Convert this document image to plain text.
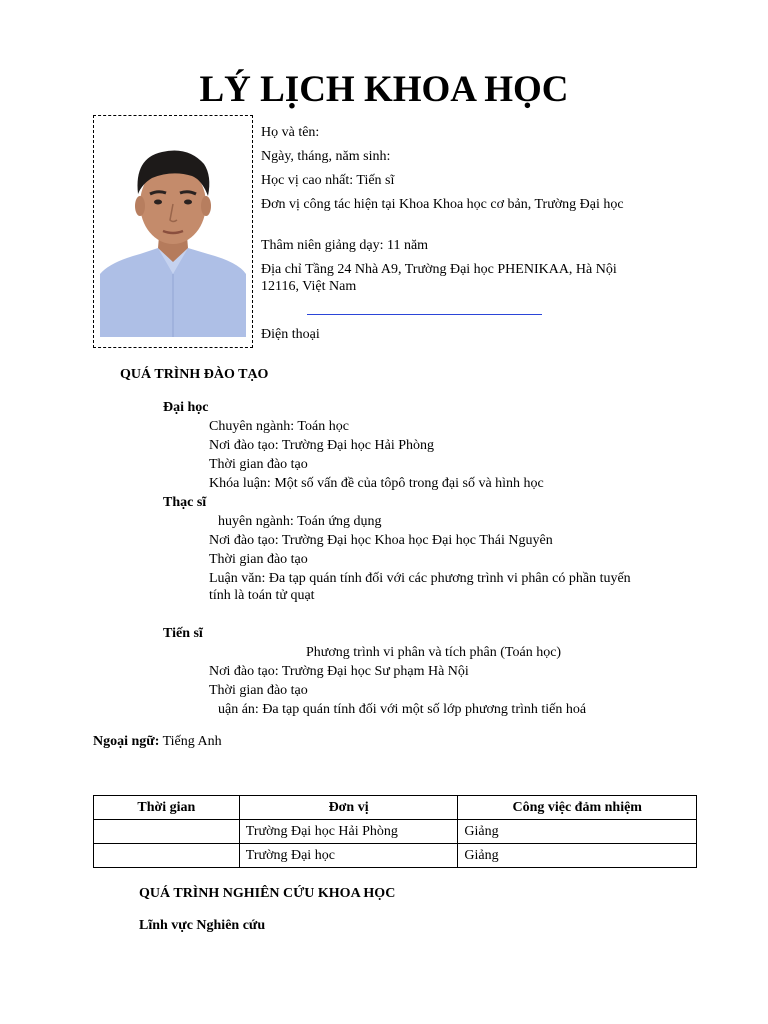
LÝ LỊCH KHOA HỌC
Họ và tên:
Ngày, tháng, năm sinh:
Học vị cao nhất: Tiến sĩ
Đơn vị công tác hiện tại Khoa Khoa học cơ bản, Trường Đại học
Thâm niên giảng dạy: 11 năm
Địa chỉ Tầng 24 Nhà A9, Trường Đại học PHENIKAA, Hà Nội
12116, Việt Nam
Điện thoại
QUÁ TRÌNH ĐÀO TẠO
Đại học
Chuyên ngành: Toán học
Nơi đào tạo: Trường Đại học Hải Phòng
Thời gian đào tạo
Khóa luận: Một số vấn đề của tôpô trong đại số và hình học
Thạc sĩ
huyên ngành: Toán ứng dụng
Nơi đào tạo: Trường Đại học Khoa học Đại học Thái Nguyên
Thời gian đào tạo
Luận văn: Đa tạp quán tính đối với các phương trình vi phân có phần tuyến
tính là toán tử quạt
Tiến sĩ
Phương trình vi phân và tích phân (Toán học)
Nơi đào tạo: Trường Đại học Sư phạm Hà Nội
Thời gian đào tạo
uận án: Đa tạp quán tính đối với một số lớp phương trình tiến hoá
Ngoại ngữ: Tiếng Anh
Thời gian	Đơn vị	Công việc đảm nhiệm
	Trường Đại học Hải Phòng	Giảng
	Trường Đại học	Giảng
QUÁ TRÌNH NGHIÊN CỨU KHOA HỌC
Lĩnh vực Nghiên cứu
